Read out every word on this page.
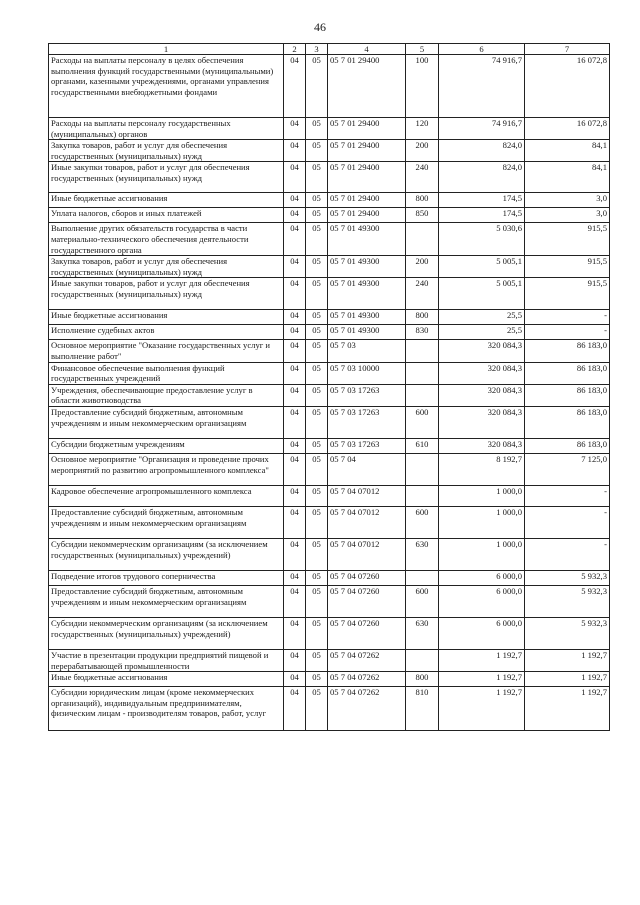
46
1	2	3	4	5	6	7
Расходы на выплаты персоналу в целях обеспечения выполнения функций государственными (муниципальными) органами, казенными учреждениями, органами управления государственными внебюджетными фондами	04	05	05 7 01 29400	100	74 916,7	16 072,8
Расходы на выплаты персоналу государственных (муниципальных) органов	04	05	05 7 01 29400	120	74 916,7	16 072,8
Закупка товаров, работ и услуг для обеспечения государственных (муниципальных) нужд	04	05	05 7 01 29400	200	824,0	84,1
Иные закупки товаров, работ и услуг для обеспечения государственных (муниципальных) нужд	04	05	05 7 01 29400	240	824,0	84,1
Иные бюджетные ассигнования	04	05	05 7 01 29400	800	174,5	3,0
Уплата налогов, сборов и иных платежей	04	05	05 7 01 29400	850	174,5	3,0
Выполнение других обязательств государства в части материально-технического обеспечения деятельности государственного органа	04	05	05 7 01 49300		5 030,6	915,5
Закупка товаров, работ и услуг для обеспечения государственных (муниципальных) нужд	04	05	05 7 01 49300	200	5 005,1	915,5
Иные закупки товаров, работ и услуг для обеспечения государственных (муниципальных) нужд	04	05	05 7 01 49300	240	5 005,1	915,5
Иные бюджетные ассигнования	04	05	05 7 01 49300	800	25,5	-
Исполнение судебных актов	04	05	05 7 01 49300	830	25,5	-
Основное мероприятие "Оказание государственных услуг и выполнение работ"	04	05	05 7 03		320 084,3	86 183,0
Финансовое обеспечение выполнения функций государственных учреждений	04	05	05 7 03 10000		320 084,3	86 183,0
Учреждения, обеспечивающие предоставление услуг в области животноводства	04	05	05 7 03 17263		320 084,3	86 183,0
Предоставление субсидий бюджетным, автономным учреждениям и иным некоммерческим организациям	04	05	05 7 03 17263	600	320 084,3	86 183,0
Субсидии бюджетным учреждениям	04	05	05 7 03 17263	610	320 084,3	86 183,0
Основное мероприятие "Организация и проведение прочих мероприятий по развитию агропромышленного комплекса"	04	05	05 7 04		8 192,7	7 125,0
Кадровое обеспечение агропромышленного комплекса	04	05	05 7 04 07012		1 000,0	-
Предоставление субсидий бюджетным, автономным учреждениям и иным некоммерческим организациям	04	05	05 7 04 07012	600	1 000,0	-
Субсидии некоммерческим организациям (за исключением государственных (муниципальных) учреждений)	04	05	05 7 04 07012	630	1 000,0	-
Подведение итогов трудового соперничества	04	05	05 7 04 07260		6 000,0	5 932,3
Предоставление субсидий бюджетным, автономным учреждениям и иным некоммерческим организациям	04	05	05 7 04 07260	600	6 000,0	5 932,3
Субсидии некоммерческим организациям (за исключением государственных (муниципальных) учреждений)	04	05	05 7 04 07260	630	6 000,0	5 932,3
Участие в презентации продукции предприятий пищевой и перерабатывающей промышленности	04	05	05 7 04 07262		1 192,7	1 192,7
Иные бюджетные ассигнования	04	05	05 7 04 07262	800	1 192,7	1 192,7
Субсидии юридическим лицам (кроме некоммерческих организаций), индивидуальным предпринимателям, физическим лицам - производителям товаров, работ, услуг	04	05	05 7 04 07262	810	1 192,7	1 192,7
